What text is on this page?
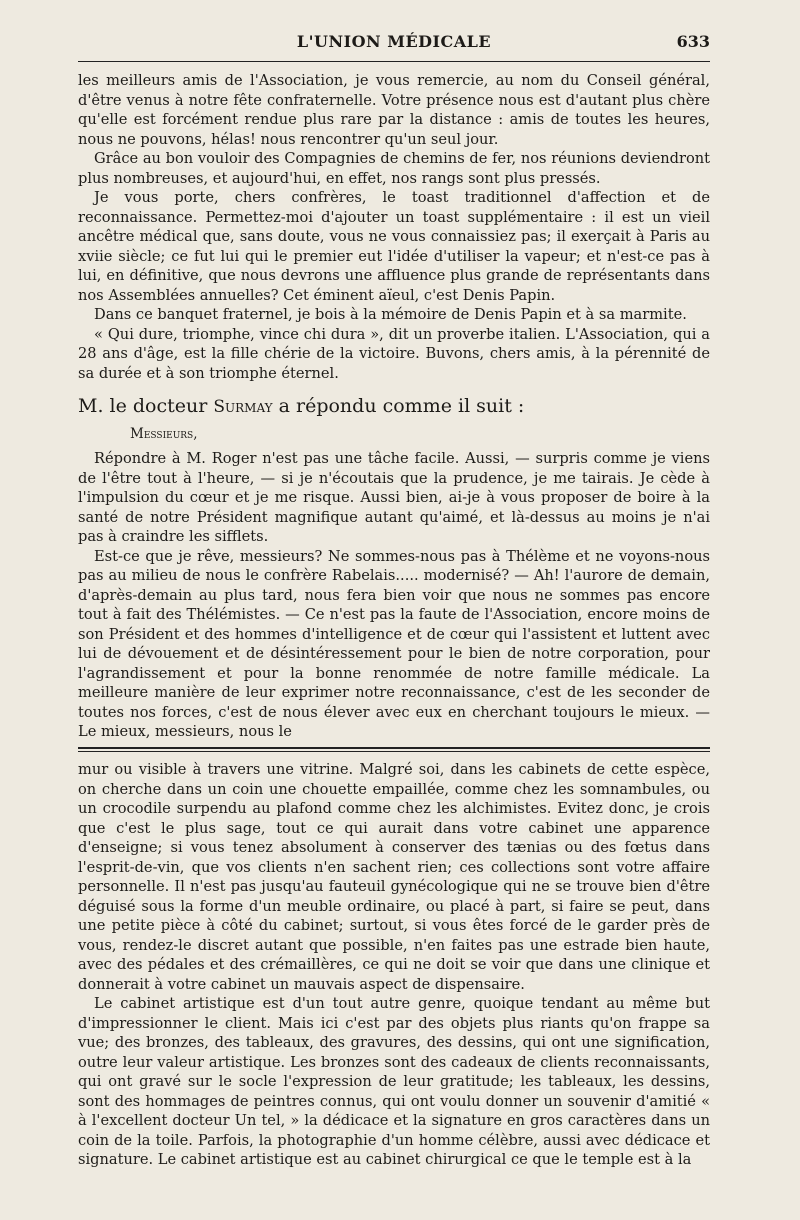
L'UNION MÉDICALE	633

les meilleurs amis de l'Association, je vous remercie, au nom du Conseil général, d'être venus à notre fête confraternelle. Votre présence nous est d'autant plus chère qu'elle est forcément rendue plus rare par la distance : amis de toutes les heures, nous ne pouvons, hélas! nous rencontrer qu'un seul jour.

Grâce au bon vouloir des Compagnies de chemins de fer, nos réunions deviendront plus nombreuses, et aujourd'hui, en effet, nos rangs sont plus pressés.

Je vous porte, chers confrères, le toast traditionnel d'affection et de reconnaissance. Permettez-moi d'ajouter un toast supplémentaire : il est un vieil ancêtre médical que, sans doute, vous ne vous connaissiez pas; il exerçait à Paris au xviie siècle; ce fut lui qui le premier eut l'idée d'utiliser la vapeur; et n'est-ce pas à lui, en définitive, que nous devrons une affluence plus grande de représentants dans nos Assemblées annuelles? Cet éminent aïeul, c'est Denis Papin.

Dans ce banquet fraternel, je bois à la mémoire de Denis Papin et à sa marmite.

« Qui dure, triomphe, vince chi dura », dit un proverbe italien. L'Association, qui a 28 ans d'âge, est la fille chérie de la victoire. Buvons, chers amis, à la pérennité de sa durée et à son triomphe éternel.

M. le docteur Surmay a répondu comme il suit :
Messieurs,

Répondre à M. Roger n'est pas une tâche facile. Aussi, — surpris comme je viens de l'être tout à l'heure, — si je n'écoutais que la prudence, je me tairais. Je cède à l'impulsion du cœur et je me risque. Aussi bien, ai-je à vous proposer de boire à la santé de notre Président magnifique autant qu'aimé, et là-dessus au moins je n'ai pas à craindre les sifflets.

Est-ce que je rêve, messieurs? Ne sommes-nous pas à Thélème et ne voyons-nous pas au milieu de nous le confrère Rabelais..... modernisé? — Ah! l'aurore de demain, d'après-demain au plus tard, nous fera bien voir que nous ne sommes pas encore tout à fait des Thélémistes. — Ce n'est pas la faute de l'Association, encore moins de son Président et des hommes d'intelligence et de cœur qui l'assistent et luttent avec lui de dévouement et de désintéressement pour le bien de notre corporation, pour l'agrandissement et pour la bonne renommée de notre famille médicale. La meilleure manière de leur exprimer notre reconnaissance, c'est de les seconder de toutes nos forces, c'est de nous élever avec eux en cherchant toujours le mieux. — Le mieux, messieurs, nous le

mur ou visible à travers une vitrine. Malgré soi, dans les cabinets de cette espèce, on cherche dans un coin une chouette empaillée, comme chez les somnambules, ou un crocodile surpendu au plafond comme chez les alchimistes. Evitez donc, je crois que c'est le plus sage, tout ce qui aurait dans votre cabinet une apparence d'enseigne; si vous tenez absolument à conserver des tænias ou des fœtus dans l'esprit-de-vin, que vos clients n'en sachent rien; ces collections sont votre affaire personnelle. Il n'est pas jusqu'au fauteuil gynécologique qui ne se trouve bien d'être déguisé sous la forme d'un meuble ordinaire, ou placé à part, si faire se peut, dans une petite pièce à côté du cabinet; surtout, si vous êtes forcé de le garder près de vous, rendez-le discret autant que possible, n'en faites pas une estrade bien haute, avec des pédales et des crémaillères, ce qui ne doit se voir que dans une clinique et donnerait à votre cabinet un mauvais aspect de dispensaire.

Le cabinet artistique est d'un tout autre genre, quoique tendant au même but d'impressionner le client. Mais ici c'est par des objets plus riants qu'on frappe sa vue; des bronzes, des tableaux, des gravures, des dessins, qui ont une signification, outre leur valeur artistique. Les bronzes sont des cadeaux de clients reconnaissants, qui ont gravé sur le socle l'expression de leur gratitude; les tableaux, les dessins, sont des hommages de peintres connus, qui ont voulu donner un souvenir d'amitié « à l'excellent docteur Un tel, » la dédicace et la signature en gros caractères dans un coin de la toile. Parfois, la photographie d'un homme célèbre, aussi avec dédicace et signature. Le cabinet artistique est au cabinet chirurgical ce que le temple est à la
